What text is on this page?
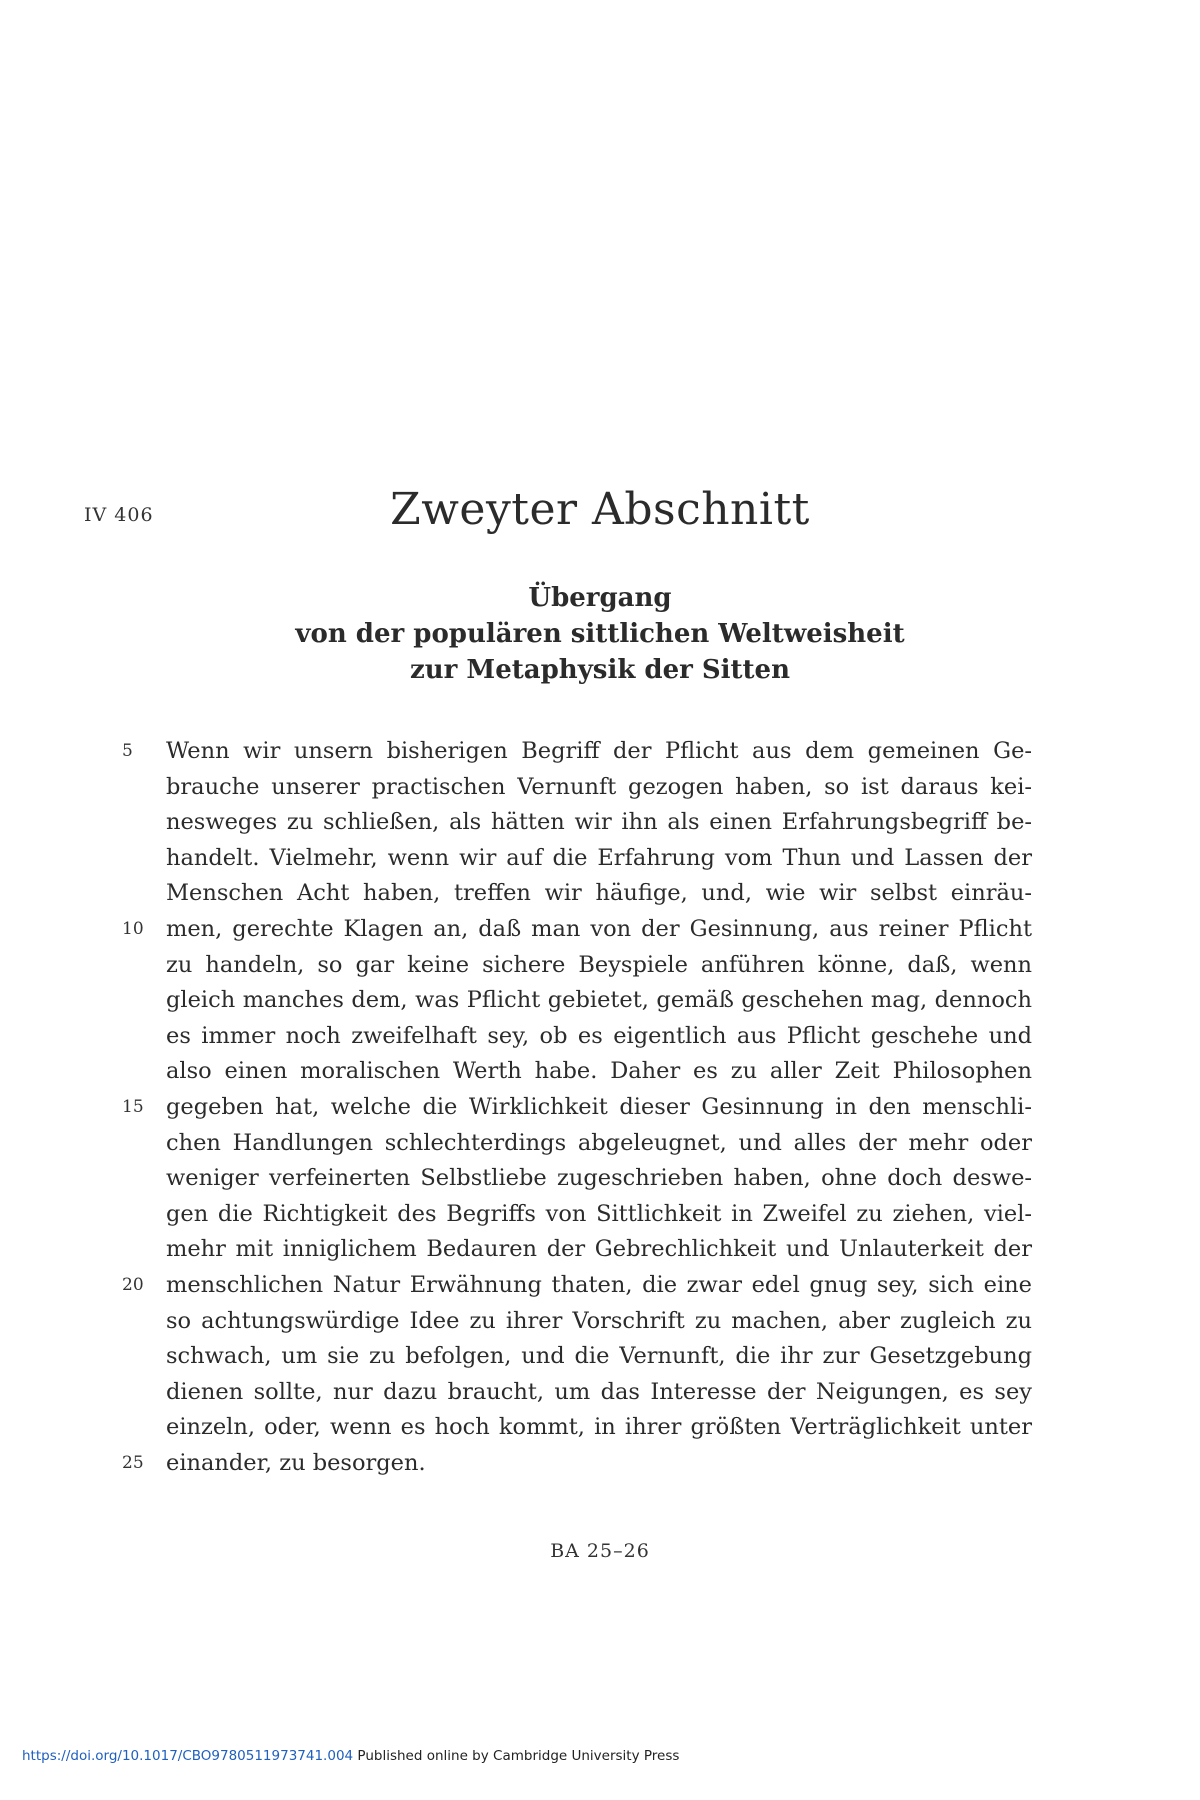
IV 406	Zweyter Abschnitt
Übergang
von der populären sittlichen Weltweisheit
zur Metaphysik der Sitten
5	Wenn wir unsern bisherigen Begriff der Pflicht aus dem gemeinen Ge-
brauche unserer practischen Vernunft gezogen haben, so ist daraus kei-
nesweges zu schließen, als hätten wir ihn als einen Erfahrungsbegriff be-
handelt. Vielmehr, wenn wir auf die Erfahrung vom Thun und Lassen der
Menschen Acht haben, treffen wir häufige, und, wie wir selbst einräu-
10 men, gerechte Klagen an, daß man von der Gesinnung, aus reiner Pflicht
zu handeln, so gar keine sichere Beyspiele anführen könne, daß, wenn
gleich manches dem, was Pflicht gebietet, gemäß geschehen mag, dennoch
es immer noch zweifelhaft sey, ob es eigentlich aus Pflicht geschehe und
also einen moralischen Werth habe. Daher es zu aller Zeit Philosophen
15 gegeben hat, welche die Wirklichkeit dieser Gesinnung in den menschli-
chen Handlungen schlechterdings abgeleugnet, und alles der mehr oder
weniger verfeinerten Selbstliebe zugeschrieben haben, ohne doch deswe-
gen die Richtigkeit des Begriffs von Sittlichkeit in Zweifel zu ziehen, viel-
mehr mit inniglichem Bedauren der Gebrechlichkeit und Unlauterkeit der
20 menschlichen Natur Erwähnung thaten, die zwar edel gnug sey, sich eine
so achtungswürdige Idee zu ihrer Vorschrift zu machen, aber zugleich zu
schwach, um sie zu befolgen, und die Vernunft, die ihr zur Gesetzgebung
dienen sollte, nur dazu braucht, um das Interesse der Neigungen, es sey
einzeln, oder, wenn es hoch kommt, in ihrer größten Verträglichkeit unter
25 einander, zu besorgen.
BA 25–26
https://doi.org/10.1017/CBO9780511973741.004 Published online by Cambridge University Press
